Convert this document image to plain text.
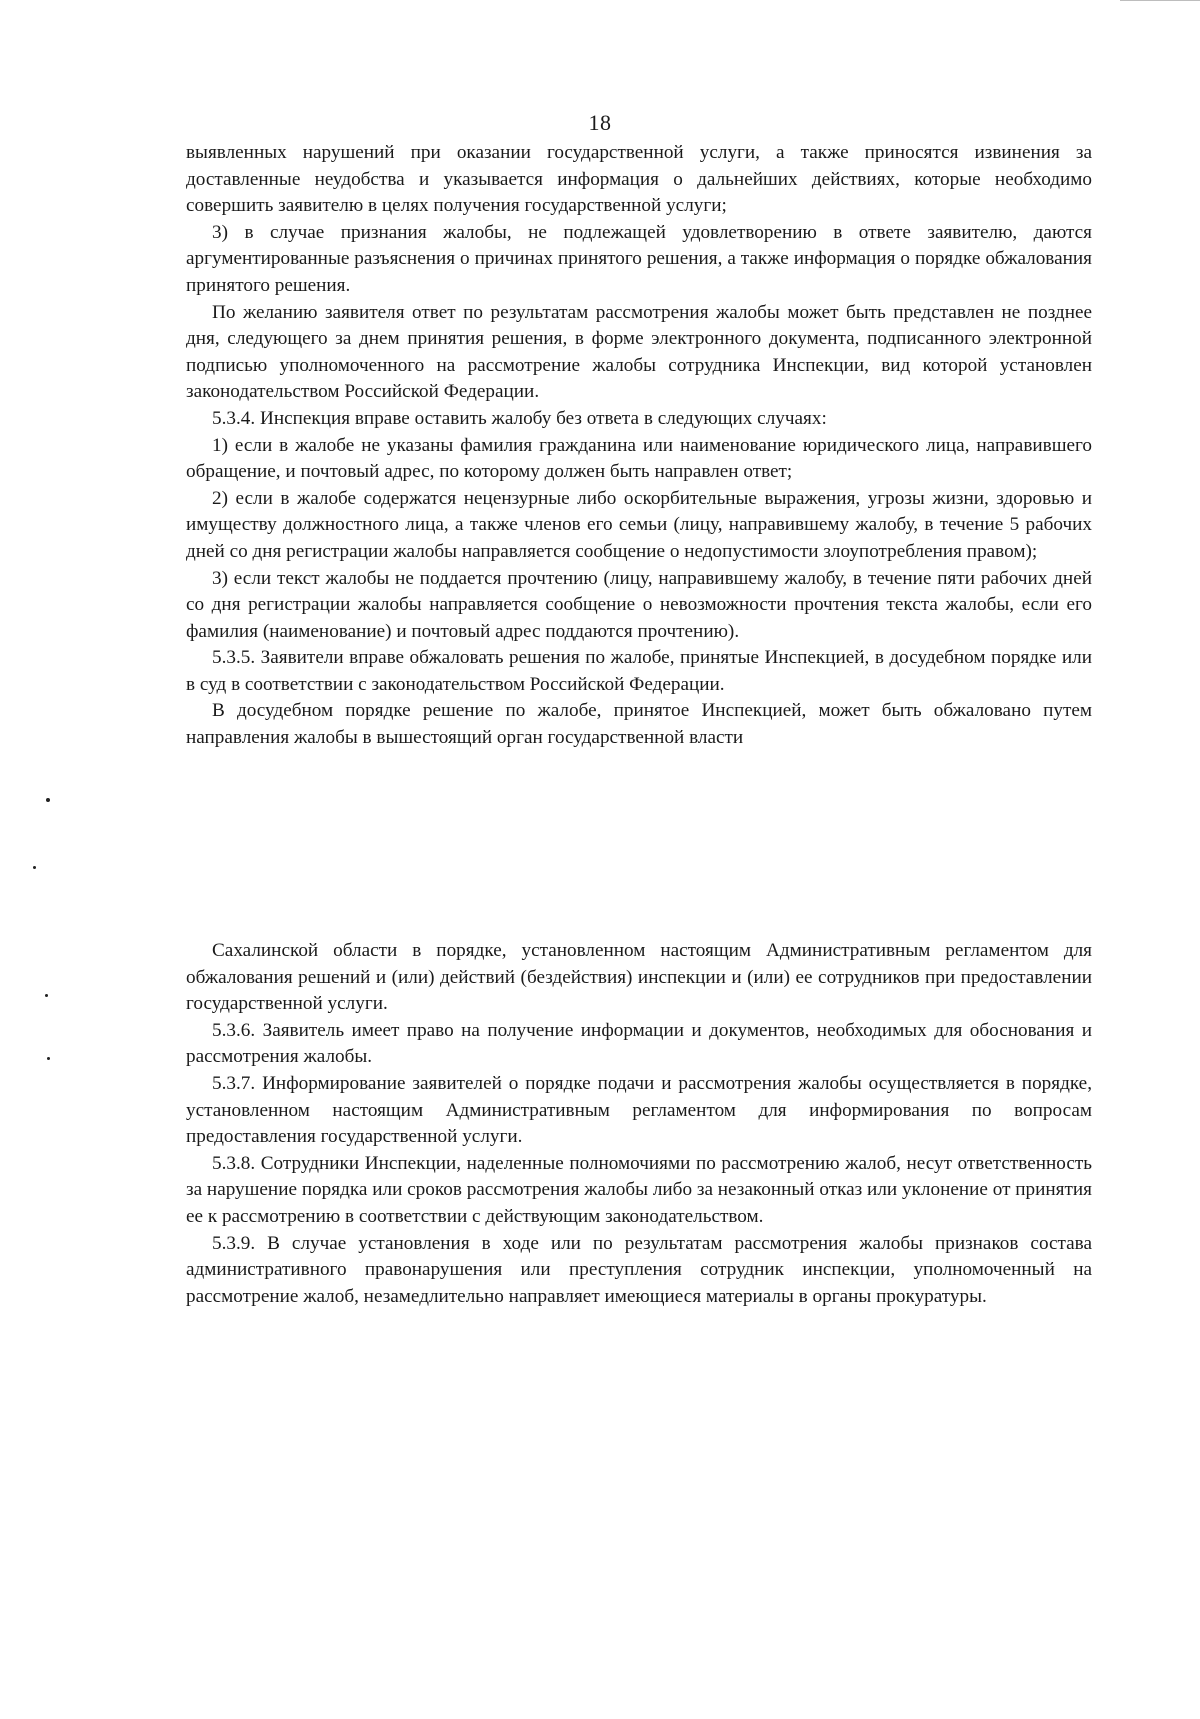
18

выявленных нарушений при оказании государственной услуги, а также приносятся извинения за доставленные неудобства и указывается информация о дальнейших действиях, которые необходимо совершить заявителю в целях получения государственной услуги;

3) в случае признания жалобы, не подлежащей удовлетворению в ответе заявителю, даются аргументированные разъяснения о причинах принятого решения, а также информация о порядке обжалования принятого решения.

По желанию заявителя ответ по результатам рассмотрения жалобы может быть представлен не позднее дня, следующего за днем принятия решения, в форме электронного документа, подписанного электронной подписью уполномоченного на рассмотрение жалобы сотрудника Инспекции, вид которой установлен законодательством Российской Федерации.

5.3.4. Инспекция вправе оставить жалобу без ответа в следующих случаях:

1) если в жалобе не указаны фамилия гражданина или наименование юридического лица, направившего обращение, и почтовый адрес, по которому должен быть направлен ответ;

2) если в жалобе содержатся нецензурные либо оскорбительные выражения, угрозы жизни, здоровью и имуществу должностного лица, а также членов его семьи (лицу, направившему жалобу, в течение 5 рабочих дней со дня регистрации жалобы направляется сообщение о недопустимости злоупотребления правом);

3) если текст жалобы не поддается прочтению (лицу, направившему жалобу, в течение пяти рабочих дней со дня регистрации жалобы направляется сообщение о невозможности прочтения текста жалобы, если его фамилия (наименование) и почтовый адрес поддаются прочтению).

5.3.5. Заявители вправе обжаловать решения по жалобе, принятые Инспекцией, в досудебном порядке или в суд в соответствии с законодательством Российской Федерации.

В досудебном порядке решение по жалобе, принятое Инспекцией, может быть обжаловано путем направления жалобы в вышестоящий орган государственной власти

Сахалинской области в порядке, установленном настоящим Административным регламентом для обжалования решений и (или) действий (бездействия) инспекции и (или) ее сотрудников при предоставлении государственной услуги.

5.3.6. Заявитель имеет право на получение информации и документов, необходимых для обоснования и рассмотрения жалобы.

5.3.7. Информирование заявителей о порядке подачи и рассмотрения жалобы осуществляется в порядке, установленном настоящим Административным регламентом для информирования по вопросам предоставления государственной услуги.

5.3.8. Сотрудники Инспекции, наделенные полномочиями по рассмотрению жалоб, несут ответственность за нарушение порядка или сроков рассмотрения жалобы либо за незаконный отказ или уклонение от принятия ее к рассмотрению в соответствии с действующим законодательством.

5.3.9. В случае установления в ходе или по результатам рассмотрения жалобы признаков состава административного правонарушения или преступления сотрудник инспекции, уполномоченный на рассмотрение жалоб, незамедлительно направляет имеющиеся материалы в органы прокуратуры.
